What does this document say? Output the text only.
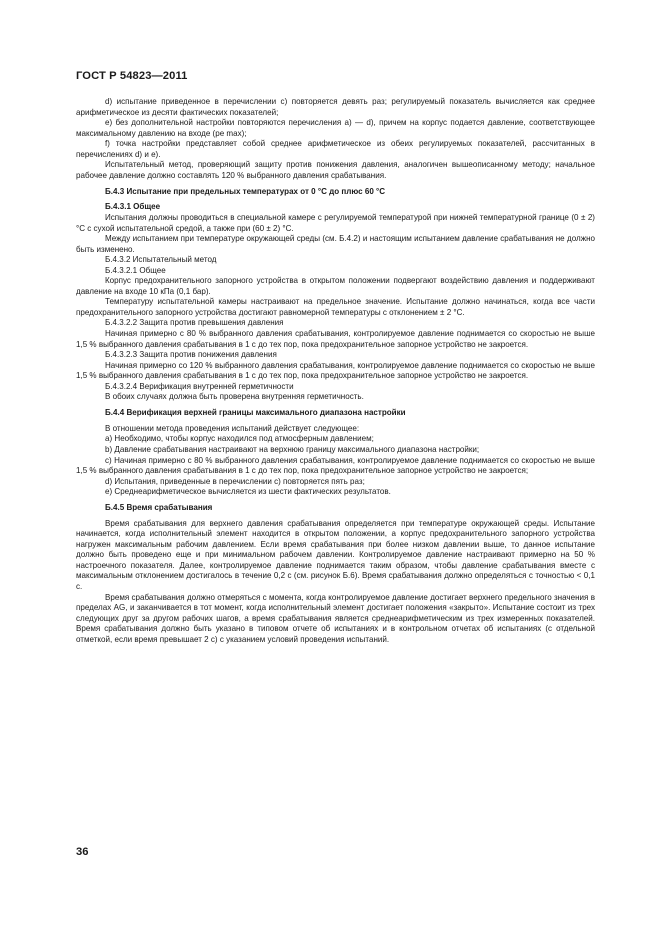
ГОСТ Р 54823—2011

d) испытание приведенное в перечислении с) повторяется девять раз; регулируемый показатель вычисляется как среднее арифметическое из десяти фактических показателей;

е) без дополнительной настройки повторяются перечисления а) — d), причем на корпус подается давление, соответствующее максимальному давлению на входе (pe max);

f) точка настройки представляет собой среднее арифметическое из обеих регулируемых показателей, рассчитанных в перечислениях d) и e).

Испытательный метод, проверяющий защиту против понижения давления, аналогичен вышеописанному методу; начальное рабочее давление должно составлять 120 % выбранного давления срабатывания.

Б.4.3 Испытание при предельных температурах от 0 °С до плюс 60 °С

Б.4.3.1 Общее

Испытания должны проводиться в специальной камере с регулируемой температурой при нижней температурной границе (0 ± 2) °С с сухой испытательной средой, а также при (60 ± 2) °С.

Между испытанием при температуре окружающей среды (см. Б.4.2) и настоящим испытанием давление срабатывания не должно быть изменено.

Б.4.3.2 Испытательный метод

Б.4.3.2.1 Общее

Корпус предохранительного запорного устройства в открытом положении подвергают воздействию давления и поддерживают давление на входе 10 кПа (0,1 бар).

Температуру испытательной камеры настраивают на предельное значение. Испытание должно начинаться, когда все части предохранительного запорного устройства достигают равномерной температуры с отклонением ± 2 °С.

Б.4.3.2.2 Защита против превышения давления

Начиная примерно с 80 % выбранного давления срабатывания, контролируемое давление поднимается со скоростью не выше 1,5 % выбранного давления срабатывания в 1 с до тех пор, пока предохранительное запорное устройство не закроется.

Б.4.3.2.3 Защита против понижения давления

Начиная примерно со 120 % выбранного давления срабатывания, контролируемое давление поднимается со скоростью не выше 1,5 % выбранного давления срабатывания в 1 с до тех пор, пока предохранительное запорное устройство не закроется.

Б.4.3.2.4 Верификация внутренней герметичности

В обоих случаях должна быть проверена внутренняя герметичность.

Б.4.4 Верификация верхней границы максимального диапазона настройки

В отношении метода проведения испытаний действует следующее:

а) Необходимо, чтобы корпус находился под атмосферным давлением;

b) Давление срабатывания настраивают на верхнюю границу максимального диапазона настройки;

с) Начиная примерно с 80 % выбранного давления срабатывания, контролируемое давление поднимается со скоростью не выше 1,5 % выбранного давления срабатывания в 1 с до тех пор, пока предохранительное запорное устройство не закроется;

d) Испытания, приведенные в перечислении с) повторяется пять раз;

е) Среднеарифметическое вычисляется из шести фактических результатов.

Б.4.5 Время срабатывания

Время срабатывания для верхнего давления срабатывания определяется при температуре окружающей среды. Испытание начинается, когда исполнительный элемент находится в открытом положении, а корпус предохранительного запорного устройства нагружен максимальным рабочим давлением. Если время срабатывания при более низком давлении выше, то данное испытание должно быть проведено еще и при минимальном рабочем давлении. Контролируемое давление настраивают примерно на 50 % настроечного показателя. Далее, контролируемое давление поднимается таким образом, чтобы давление срабатывания вместе с максимальным отклонением достигалось в течение 0,2 с (см. рисунок Б.6). Время срабатывания должно определяться с точностью < 0,1 с.

Время срабатывания должно отмеряться с момента, когда контролируемое давление достигает верхнего предельного значения в пределах AG, и заканчивается в тот момент, когда исполнительный элемент достигает положения «закрыто». Испытание состоит из трех следующих друг за другом рабочих шагов, а время срабатывания является среднеарифметическим из трех измеренных показателей. Время срабатывания должно быть указано в типовом отчете об испытаниях и в контрольном отчетах об испытаниях (с отдельной отметкой, если время превышает 2 с) с указанием условий проведения испытаний.

36
